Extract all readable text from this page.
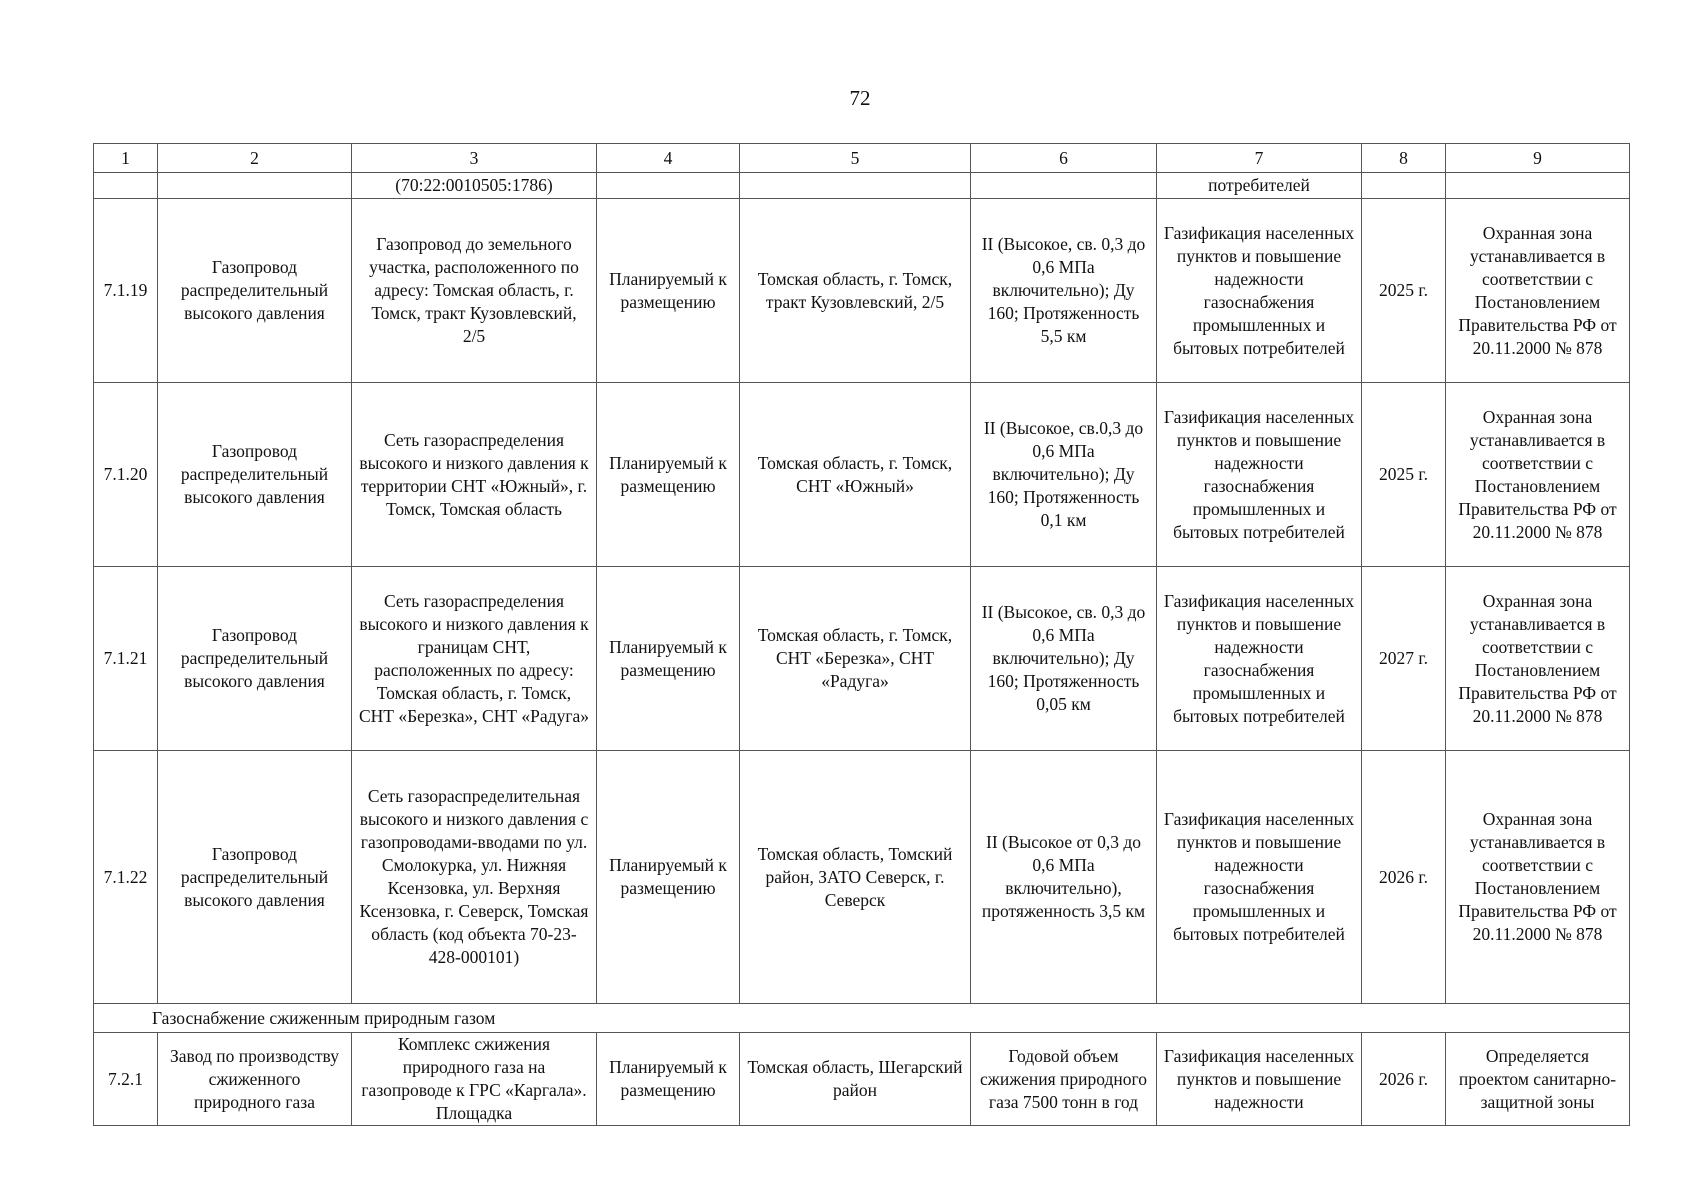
72
1	2	3	4	5	6	7	8	9
		(70:22:0010505:1786)				потребителей		
7.1.19	Газопровод распределительный высокого давления	Газопровод до земельного участка, расположенного по адресу: Томская область, г. Томск, тракт Кузовлевский, 2/5	Планируемый к размещению	Томская область, г. Томск, тракт Кузовлевский, 2/5	II (Высокое, св. 0,3 до 0,6 МПа включительно); Ду 160; Протяженность 5,5 км	Газификация населенных пунктов и повышение надежности газоснабжения промышленных и бытовых потребителей	2025 г.	Охранная зона устанавливается в соответствии с Постановлением Правительства РФ от 20.11.2000 № 878
7.1.20	Газопровод распределительный высокого давления	Сеть газораспределения высокого и низкого давления к территории СНТ «Южный», г. Томск, Томская область	Планируемый к размещению	Томская область, г. Томск, СНТ «Южный»	II (Высокое, св.0,3 до 0,6 МПа включительно); Ду 160; Протяженность 0,1 км	Газификация населенных пунктов и повышение надежности газоснабжения промышленных и бытовых потребителей	2025 г.	Охранная зона устанавливается в соответствии с Постановлением Правительства РФ от 20.11.2000 № 878
7.1.21	Газопровод распределительный высокого давления	Сеть газораспределения высокого и низкого давления к границам СНТ, расположенных по адресу: Томская область, г. Томск, СНТ «Березка», СНТ «Радуга»	Планируемый к размещению	Томская область, г. Томск, СНТ «Березка», СНТ «Радуга»	II (Высокое, св. 0,3 до 0,6 МПа включительно); Ду 160; Протяженность 0,05 км	Газификация населенных пунктов и повышение надежности газоснабжения промышленных и бытовых потребителей	2027 г.	Охранная зона устанавливается в соответствии с Постановлением Правительства РФ от 20.11.2000 № 878
7.1.22	Газопровод распределительный высокого давления	Сеть газораспределительная высокого и низкого давления с газопроводами-вводами по ул. Смолокурка, ул. Нижняя Ксензовка, ул. Верхняя Ксензовка, г. Северск, Томская область (код объекта 70-23-428-000101)	Планируемый к размещению	Томская область, Томский район, ЗАТО Северск, г. Северск	II (Высокое от 0,3 до 0,6 МПа включительно), протяженность 3,5 км	Газификация населенных пунктов и повышение надежности газоснабжения промышленных и бытовых потребителей	2026 г.	Охранная зона устанавливается в соответствии с Постановлением Правительства РФ от 20.11.2000 № 878
Газоснабжение сжиженным природным газом								
7.2.1	Завод по производству сжиженного природного газа	Комплекс сжижения природного газа на газопроводе к ГРС «Каргала». Площадка	Планируемый к размещению	Томская область, Шегарский район	Годовой объем сжижения природного газа 7500 тонн в год	Газификация населенных пунктов и повышение надежности	2026 г.	Определяется проектом санитарно-защитной зоны
